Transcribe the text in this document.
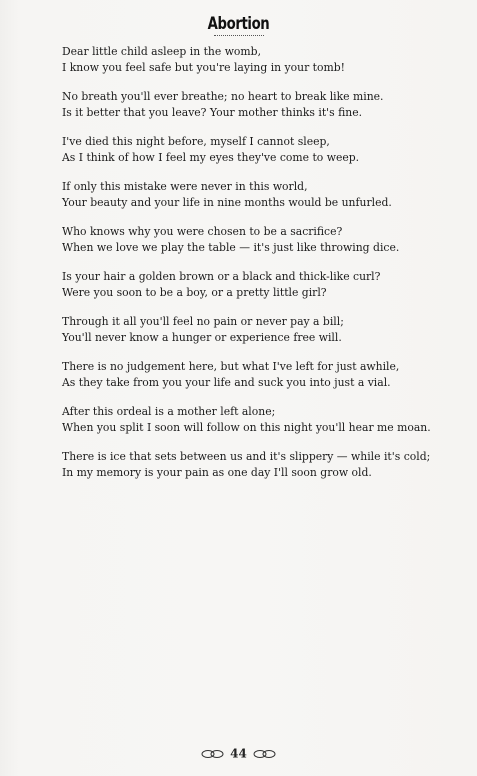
Abortion
Dear little child asleep in the womb,
I know you feel safe but you're laying in your tomb!
No breath you'll ever breathe; no heart to break like mine.
Is it better that you leave? Your mother thinks it's fine.
I've died this night before, myself I cannot sleep,
As I think of how I feel my eyes they've come to weep.
If only this mistake were never in this world,
Your beauty and your life in nine months would be unfurled.
Who knows why you were chosen to be a sacrifice?
When we love we play the table — it's just like throwing dice.
Is your hair a golden brown or a black and thick-like curl?
Were you soon to be a boy, or a pretty little girl?
Through it all you'll feel no pain or never pay a bill;
You'll never know a hunger or experience free will.
There is no judgement here, but what I've left for just awhile,
As they take from you your life and suck you into just a vial.
After this ordeal is a mother left alone;
When you split I soon will follow on this night you'll hear me moan.
There is ice that sets between us and it's slippery — while it's cold;
In my memory is your pain as one day I'll soon grow old.
44
